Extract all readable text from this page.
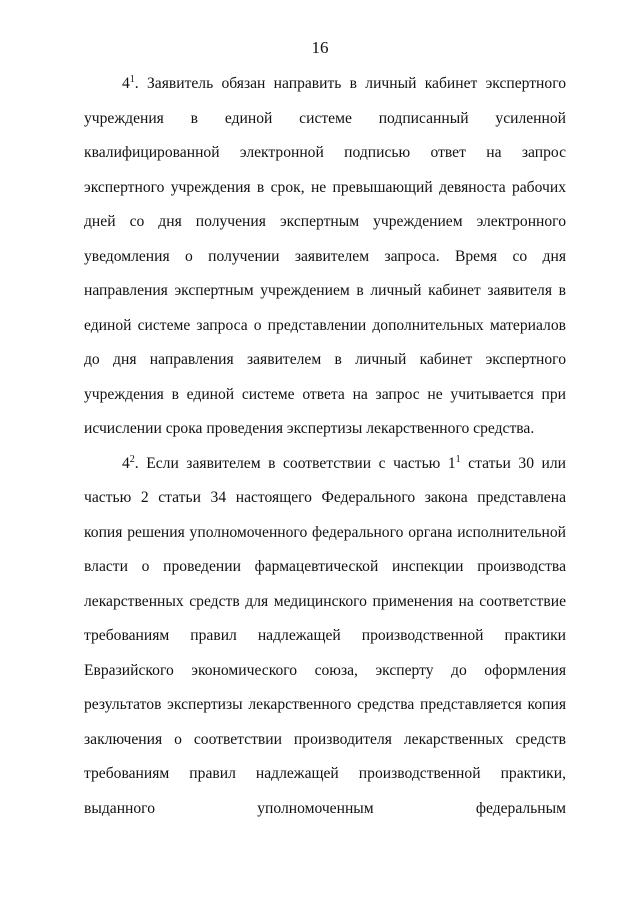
16

$4^1$. Заявитель обязан направить в личный кабинет экспертного учреждения в единой системе подписанный усиленной квалифицированной электронной подписью ответ на запрос экспертного учреждения в срок, не превышающий девяноста рабочих дней со дня получения экспертным учреждением электронного уведомления о получении заявителем запроса. Время со дня направления экспертным учреждением в личный кабинет заявителя в единой системе запроса о представлении дополнительных материалов до дня направления заявителем в личный кабинет экспертного учреждения в единой системе ответа на запрос не учитывается при исчислении срока проведения экспертизы лекарственного средства.

$4^2$. Если заявителем в соответствии с частью $1^1$ статьи 30 или частью 2 статьи 34 настоящего Федерального закона представлена копия решения уполномоченного федерального органа исполнительной власти о проведении фармацевтической инспекции производства лекарственных средств для медицинского применения на соответствие требованиям правил надлежащей производственной практики Евразийского экономического союза, эксперту до оформления результатов экспертизы лекарственного средства представляется копия заключения о соответствии производителя лекарственных средств требованиям правил надлежащей производственной практики, выданного уполномоченным федеральным
